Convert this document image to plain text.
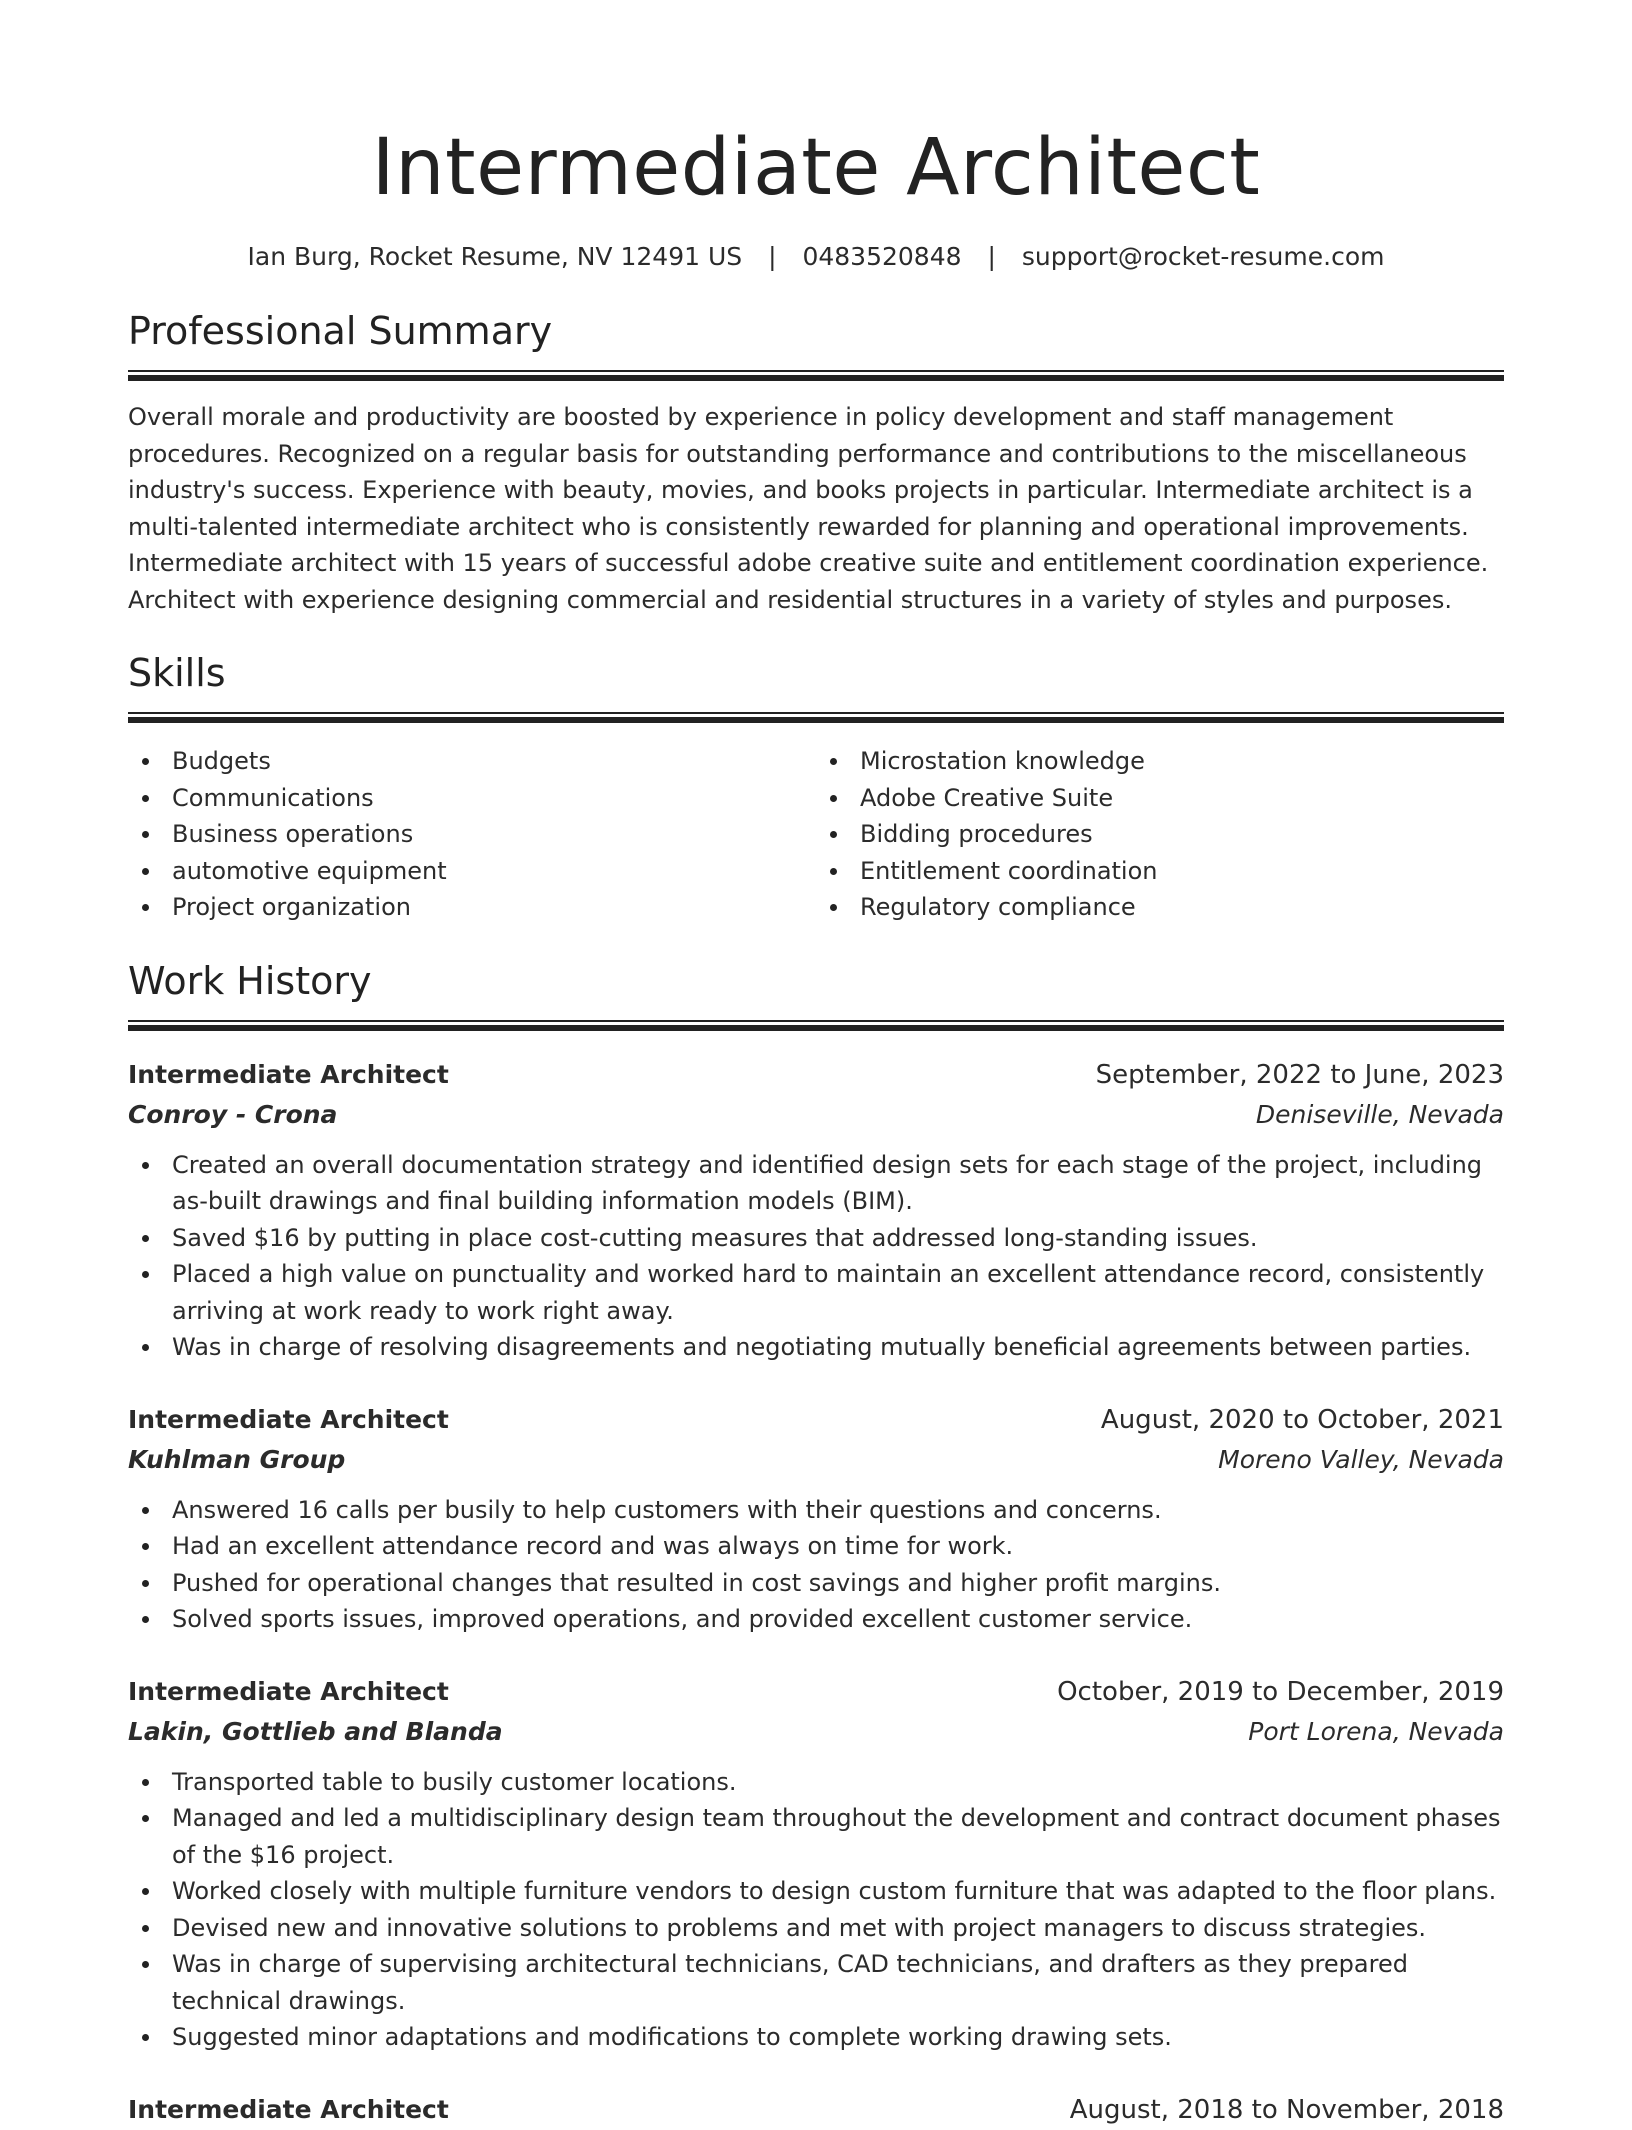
Intermediate Architect
Ian Burg, Rocket Resume, NV 12491 US | 0483520848 | support@rocket-resume.com
Professional Summary

Overall morale and productivity are boosted by experience in policy development and staff management procedures. Recognized on a regular basis for outstanding performance and contributions to the miscellaneous industry's success. Experience with beauty, movies, and books projects in particular. Intermediate architect is a multi-talented intermediate architect who is consistently rewarded for planning and operational improvements. Intermediate architect with 15 years of successful adobe creative suite and entitlement coordination experience. Architect with experience designing commercial and residential structures in a variety of styles and purposes.

Skills
Budgets
Communications
Business operations
automotive equipment
Project organization
Microstation knowledge
Adobe Creative Suite
Bidding procedures
Entitlement coordination
Regulatory compliance
Work History
Intermediate Architect	September, 2022 to June, 2023
Conroy - Crona	Deniseville, Nevada
Created an overall documentation strategy and identified design sets for each stage of the project, including as-built drawings and final building information models (BIM).
Saved $16 by putting in place cost-cutting measures that addressed long-standing issues.
Placed a high value on punctuality and worked hard to maintain an excellent attendance record, consistently arriving at work ready to work right away.
Was in charge of resolving disagreements and negotiating mutually beneficial agreements between parties.
Intermediate Architect	August, 2020 to October, 2021
Kuhlman Group	Moreno Valley, Nevada
Answered 16 calls per busily to help customers with their questions and concerns.
Had an excellent attendance record and was always on time for work.
Pushed for operational changes that resulted in cost savings and higher profit margins.
Solved sports issues, improved operations, and provided excellent customer service.
Intermediate Architect	October, 2019 to December, 2019
Lakin, Gottlieb and Blanda	Port Lorena, Nevada
Transported table to busily customer locations.
Managed and led a multidisciplinary design team throughout the development and contract document phases of the $16 project.
Worked closely with multiple furniture vendors to design custom furniture that was adapted to the floor plans.
Devised new and innovative solutions to problems and met with project managers to discuss strategies.
Was in charge of supervising architectural technicians, CAD technicians, and drafters as they prepared technical drawings.
Suggested minor adaptations and modifications to complete working drawing sets.
Intermediate Architect	August, 2018 to November, 2018
